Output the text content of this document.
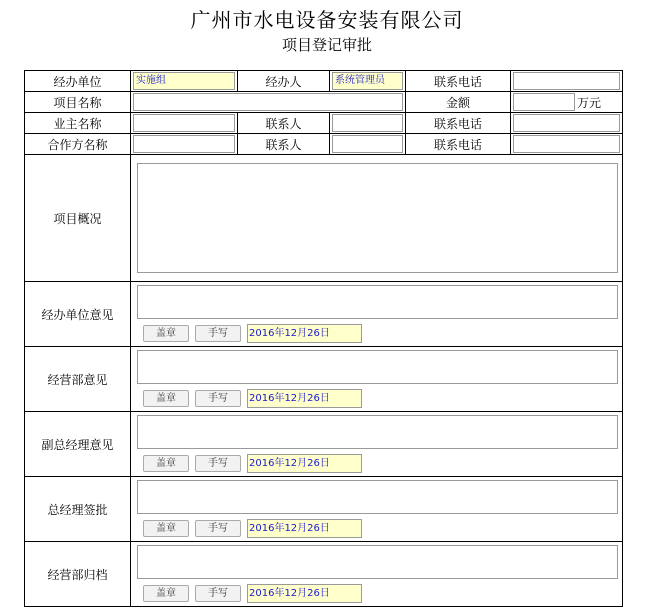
广州市水电设备安装有限公司
项目登记审批
经办单位	实施组	经办人	系统管理员	联系电话	

项目名称				金额	万元

业主名称		联系人		联系电话	

合作方名称		联系人		联系电话	

项目概况					

经办单位意见	盖章 手写 2016年12月26日				

经营部意见	盖章 手写 2016年12月26日				

副总经理意见	盖章 手写 2016年12月26日				

总经理签批	盖章 手写 2016年12月26日				

经营部归档	盖章 手写 2016年12月26日				
